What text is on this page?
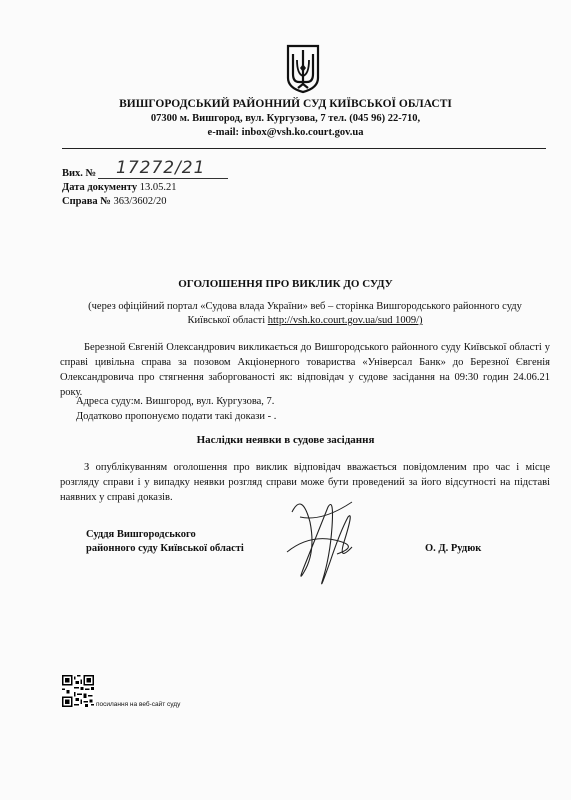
ВИШГОРОДСЬКИЙ РАЙОННИЙ СУД КИЇВСЬКОЇ ОБЛАСТІ
07300 м. Вишгород, вул. Кургузова, 7 тел. (045 96) 22-710,
e-mail: inbox@vsh.ko.court.gov.ua
Вих. № 17272/21
Дата документу 13.05.21
Справа № 363/3602/20
ОГОЛОШЕННЯ ПРО ВИКЛИК ДО СУДУ
(через офіційний портал «Судова влада України» веб – сторінка Вишгородського районного суду
Київської області http://vsh.ko.court.gov.ua/sud 1009/)
Березной Євгеній Олександрович викликається до Вишгородського районного суду Київської області у справі цивільна справа за позовом Акціонерного товариства «Універсал Банк» до Березної Євгенія Олександровича про стягнення заборгованості як: відповідач у судове засідання на 09:30 годин 24.06.21 року.
Адреса суду:м. Вишгород, вул. Кургузова, 7.
Додатково пропонуємо подати такі докази - .
Наслідки неявки в судове засідання
З опублікуванням оголошення про виклик відповідач вважається повідомленим про час і місце розгляду справи і у випадку неявки розгляд справи може бути проведений за його відсутності на підставі наявних у справі доказів.
Суддя Вишгородського
районного суду Київської області	О. Д. Рудюк
посилання на веб-сайт суду
